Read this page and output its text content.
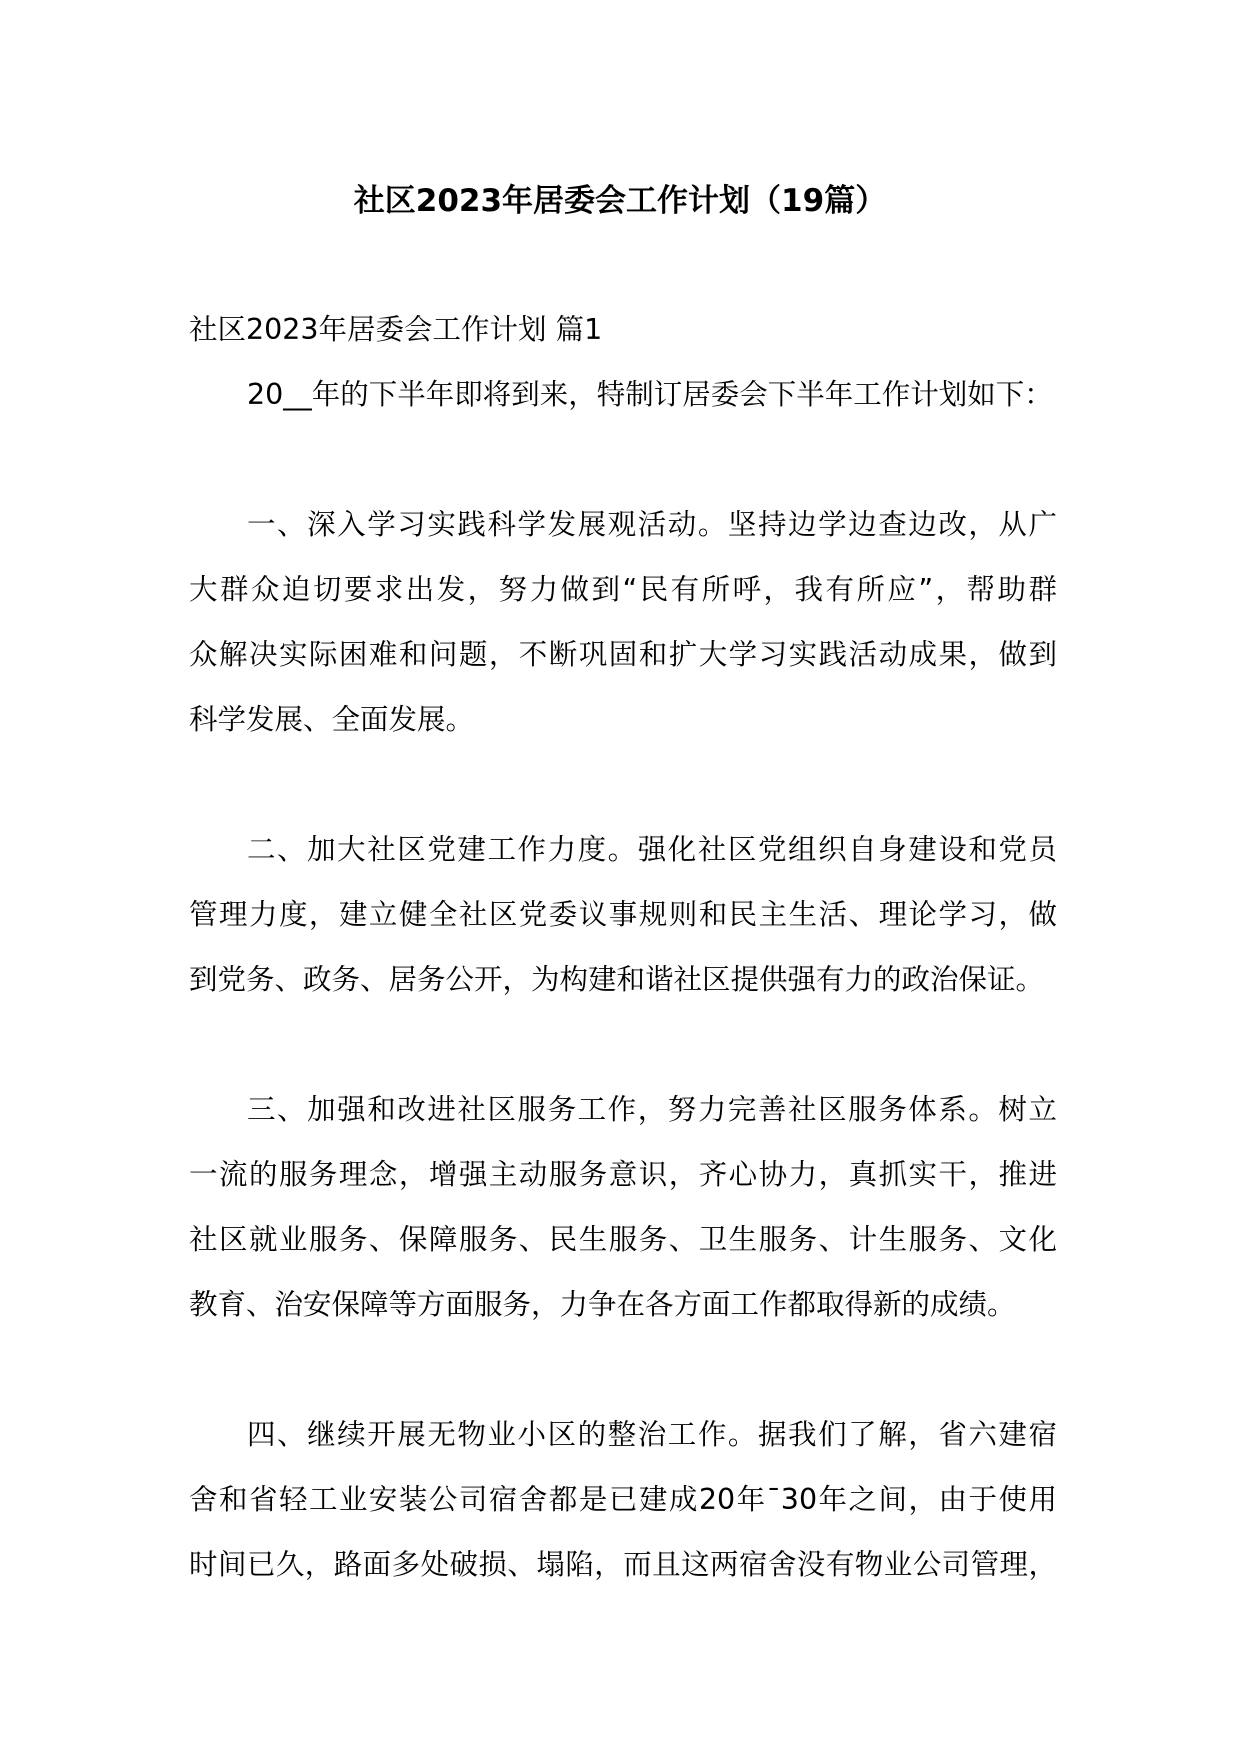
社区2023年居委会工作计划（19篇）
社区2023年居委会工作计划 篇1
20__年的下半年即将到来，特制订居委会下半年工作计划如下：
一、深入学习实践科学发展观活动。坚持边学边查边改，从广
大群众迫切要求出发，努力做到“民有所呼，我有所应”，帮助群
众解决实际困难和问题，不断巩固和扩大学习实践活动成果，做到
科学发展、全面发展。
二、加大社区党建工作力度。强化社区党组织自身建设和党员
管理力度，建立健全社区党委议事规则和民主生活、理论学习，做
到党务、政务、居务公开，为构建和谐社区提供强有力的政治保证。
三、加强和改进社区服务工作，努力完善社区服务体系。树立
一流的服务理念，增强主动服务意识，齐心协力，真抓实干，推进
社区就业服务、保障服务、民生服务、卫生服务、计生服务、文化
教育、治安保障等方面服务，力争在各方面工作都取得新的成绩。
四、继续开展无物业小区的整治工作。据我们了解，省六建宿
舍和省轻工业安装公司宿舍都是已建成20年¯30年之间，由于使用
时间已久，路面多处破损、塌陷，而且这两宿舍没有物业公司管理，
